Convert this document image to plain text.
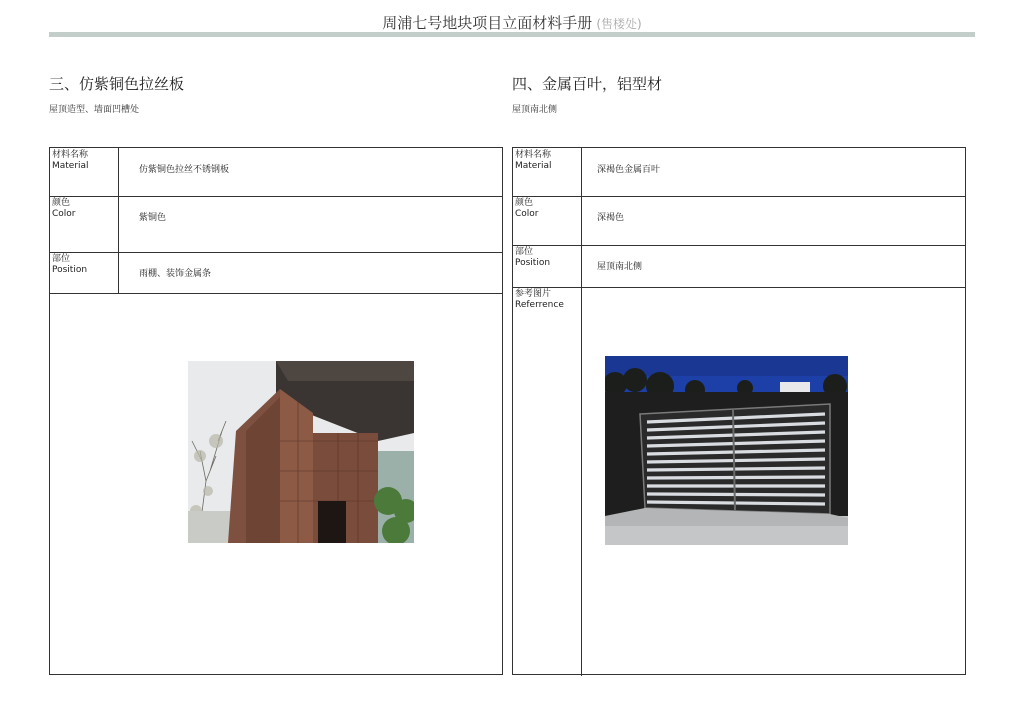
周浦七号地块项目立面材料手册 (售楼处)
三、仿紫铜色拉丝板
屋顶造型、墙面凹槽处
材料名称
Material	仿紫铜色拉丝不锈钢板
颜色
Color	紫铜色
部位
Position	雨棚、装饰金属条
四、金属百叶，铝型材
屋顶南北侧
材料名称
Material	深褐色金属百叶
颜色
Color	深褐色
部位
Position	屋顶南北侧
参考图片
Referrence
